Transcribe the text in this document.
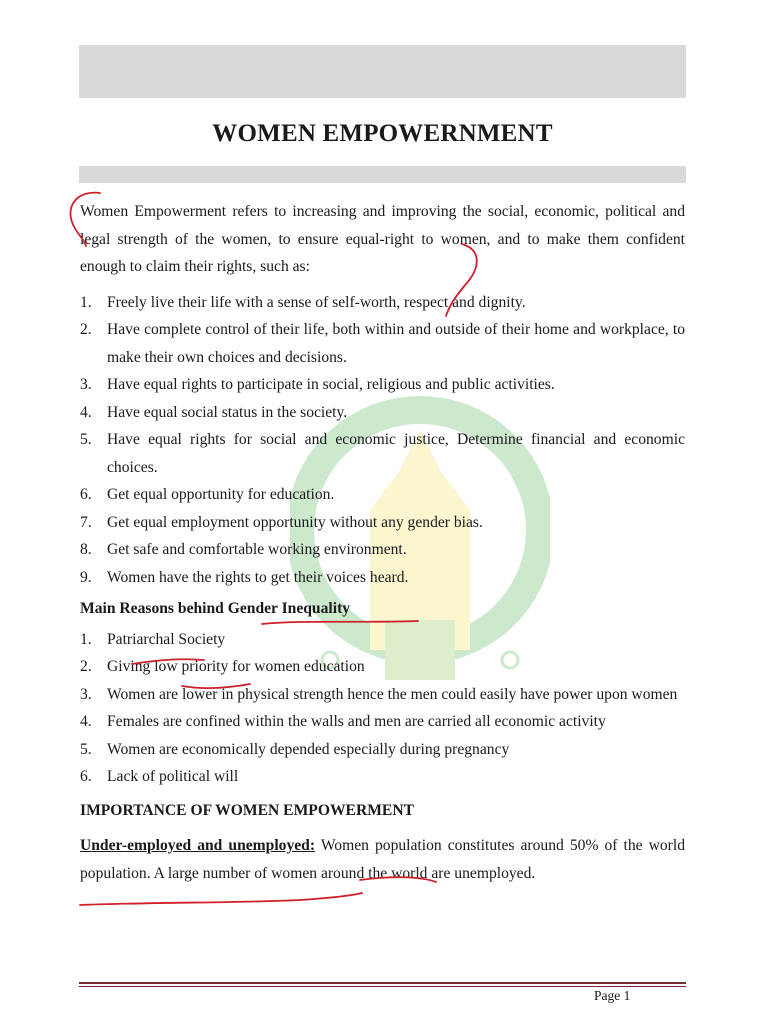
WOMEN EMPOWERNMENT

Women Empowerment refers to increasing and improving the social, economic, political and legal strength of the women, to ensure equal-right to women, and to make them confident enough to claim their rights, such as:

1. Freely live their life with a sense of self-worth, respect and dignity.
2. Have complete control of their life, both within and outside of their home and workplace, to make their own choices and decisions.
3. Have equal rights to participate in social, religious and public activities.
4. Have equal social status in the society.
5. Have equal rights for social and economic justice, Determine financial and economic choices.
6. Get equal opportunity for education.
7. Get equal employment opportunity without any gender bias.
8. Get safe and comfortable working environment.
9. Women have the rights to get their voices heard.
Main Reasons behind Gender Inequality
1. Patriarchal Society
2. Giving low priority for women education
3. Women are lower in physical strength hence the men could easily have power upon women
4. Females are confined within the walls and men are carried all economic activity
5. Women are economically depended especially during pregnancy
6. Lack of political will
IMPORTANCE OF WOMEN EMPOWERMENT

Under-employed and unemployed: Women population constitutes around 50% of the world population. A large number of women around the world are unemployed.

Page 1
